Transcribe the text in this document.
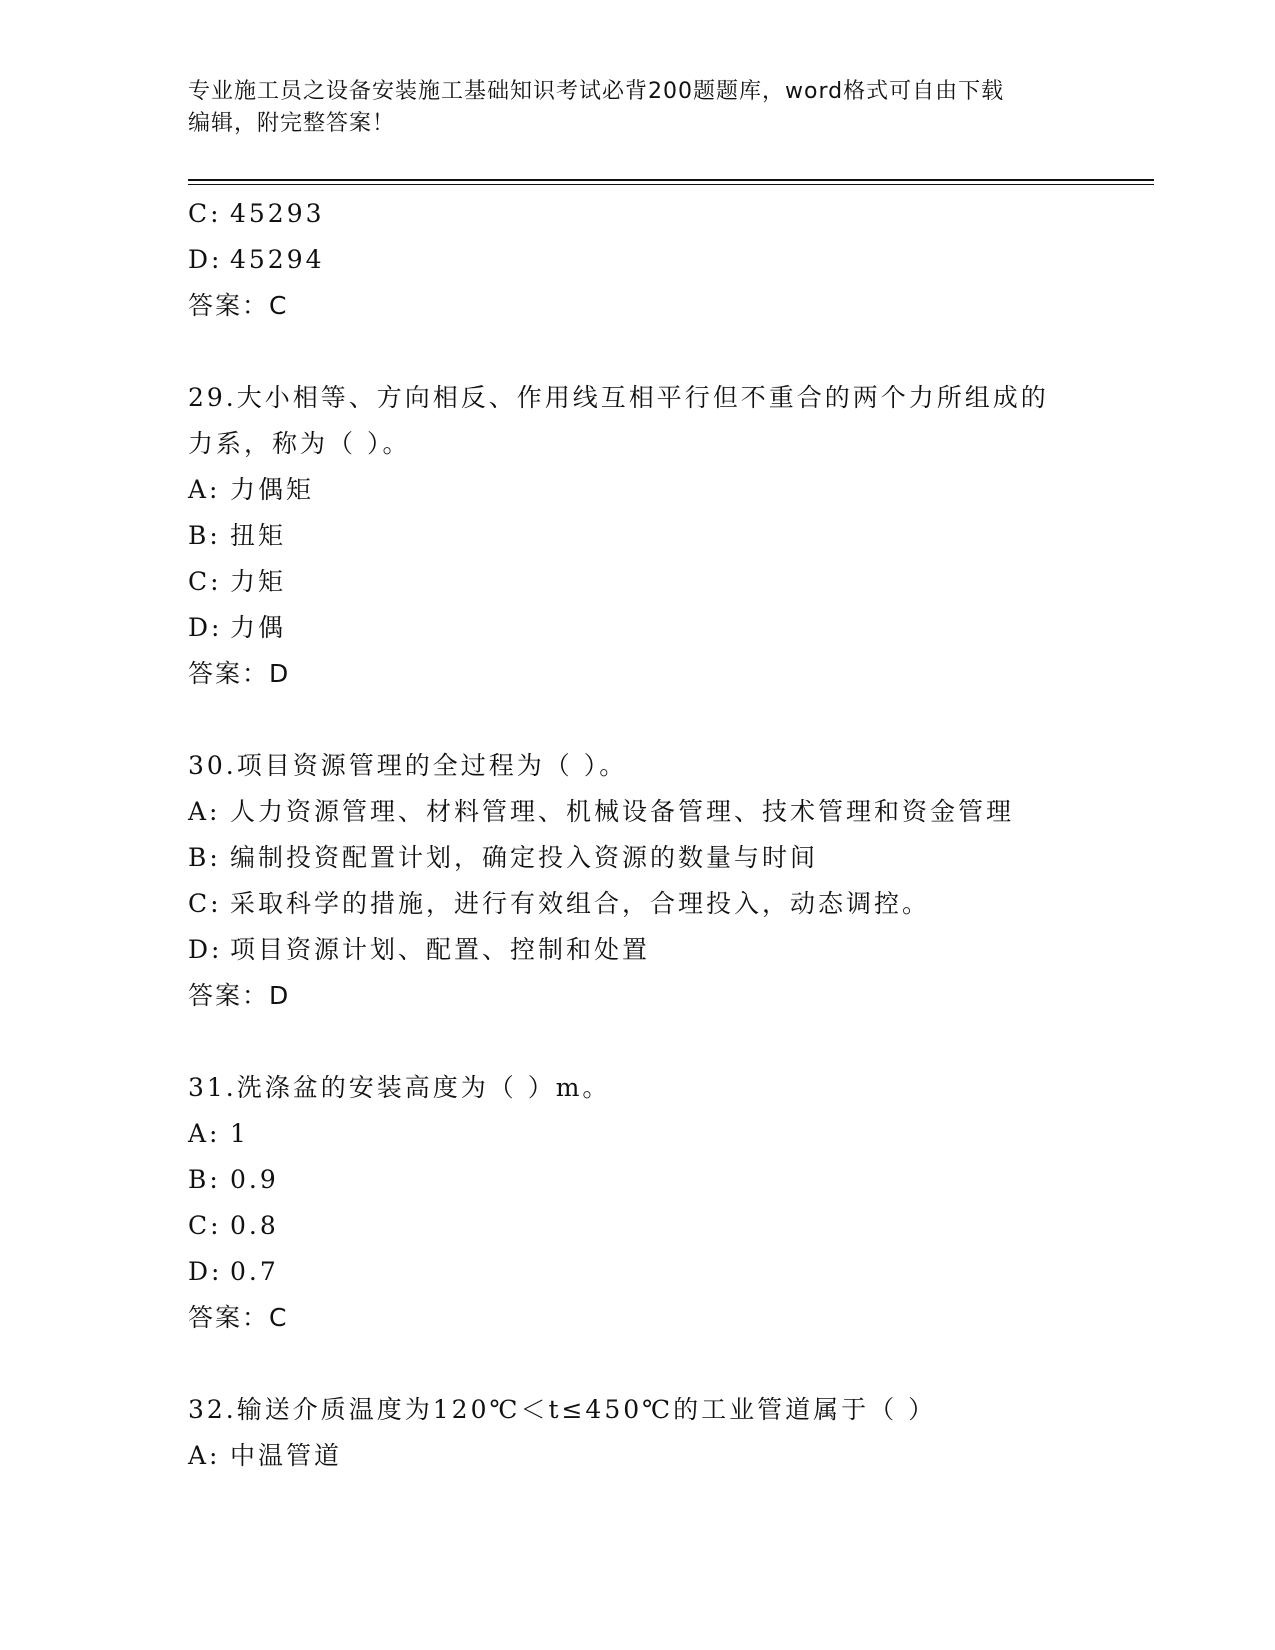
专业施工员之设备安装施工基础知识考试必背200题题库，word格式可自由下载
编辑，附完整答案！
C: 45293
D: 45294
答案：C
29.大小相等、方向相反、作用线互相平行但不重合的两个力所组成的
力系，称为（ ）。
A: 力偶矩
B: 扭矩
C: 力矩
D: 力偶
答案：D
30.项目资源管理的全过程为（ ）。
A: 人力资源管理、材料管理、机械设备管理、技术管理和资金管理
B: 编制投资配置计划，确定投入资源的数量与时间
C: 采取科学的措施，进行有效组合，合理投入，动态调控。
D: 项目资源计划、配置、控制和处置
答案：D
31.洗涤盆的安装高度为（ ）m。
A: 1
B: 0.9
C: 0.8
D: 0.7
答案：C
32.输送介质温度为120℃＜t≤450℃的工业管道属于（ ）
A: 中温管道
